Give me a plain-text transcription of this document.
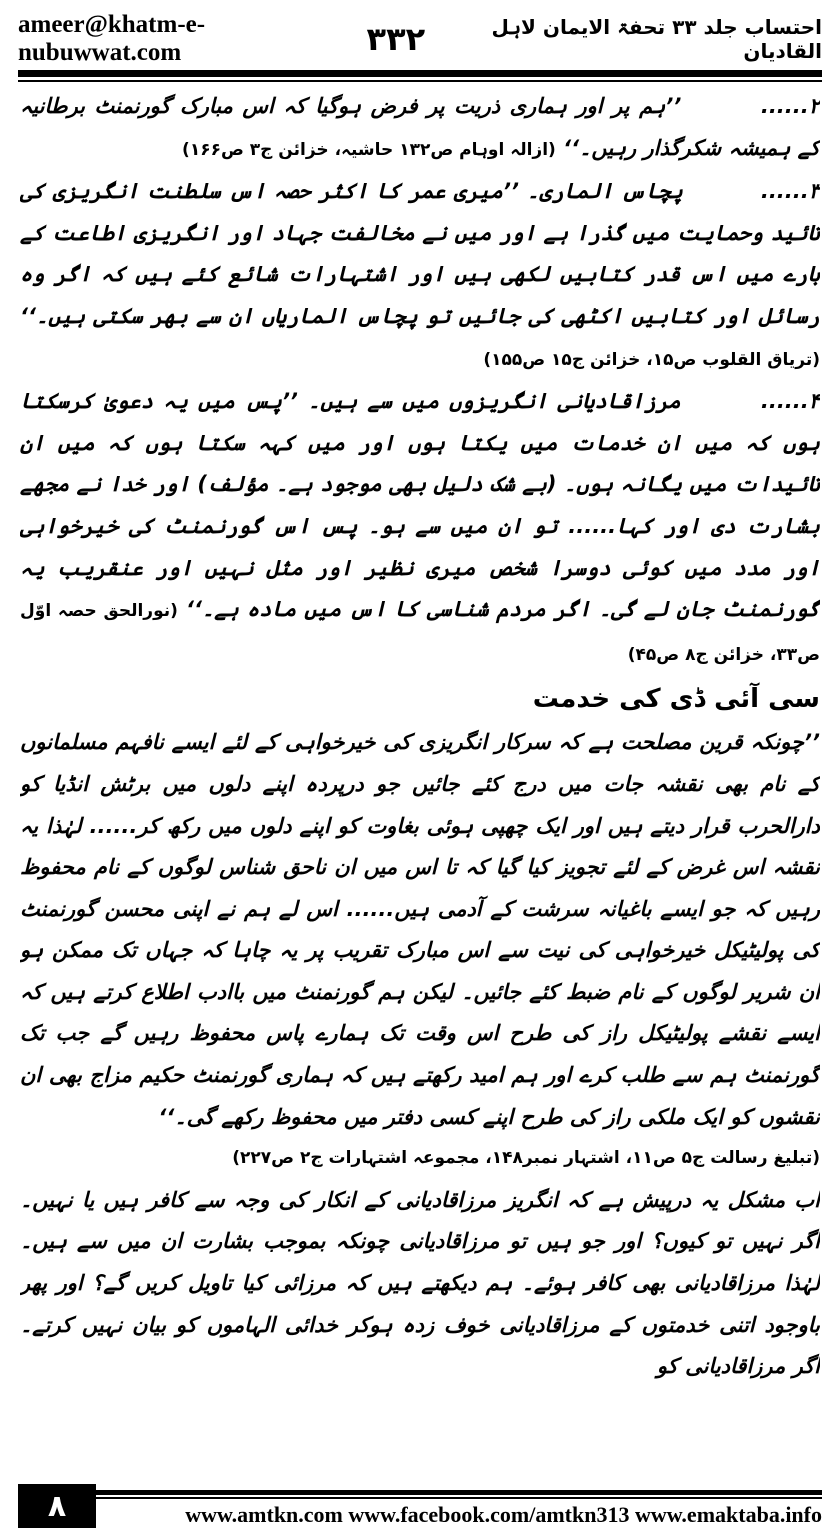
ameer@khatm-e-nubuwwat.com	۳۳۲	احتساب جلد ۳۳ تحفۃ الایمان لاہل القادیان

۲...... ’’ہم پر اور ہماری ذریت پر فرض ہوگیا کہ اس مبارک گورنمنٹ برطانیہ کے ہمیشہ شکرگذار رہیں۔‘‘ (ازالہ اوہام ص۱۳۲ حاشیہ، خزائن ج۳ ص۱۶۶)

۳...... پچاس الماری۔ ’’میری عمر کا اکثر حصہ اس سلطنت انگریزی کی تائید وحمایت میں گذرا ہے اور میں نے مخالفت جہاد اور انگریزی اطاعت کے بارے میں اس قدر کتابیں لکھی ہیں اور اشتہارات شائع کئے ہیں کہ اگر وہ رسائل اور کتابیں اکٹھی کی جائیں تو پچاس الماریاں ان سے بھر سکتی ہیں۔‘‘ (تریاق القلوب ص۱۵، خزائن ج۱۵ ص۱۵۵)

۴...... مرزاقادیانی انگریزوں میں سے ہیں۔ ’’پس میں یہ دعویٰ کرسکتا ہوں کہ میں ان خدمات میں یکتا ہوں اور میں کہہ سکتا ہوں کہ میں ان تائیدات میں یگانہ ہوں۔ (بے شک دلیل بھی موجود ہے۔ مؤلف) اور خدا نے مجھے بشارت دی اور کہا...... تو ان میں سے ہو۔ پس اس گورنمنٹ کی خیرخواہی اور مدد میں کوئی دوسرا شخص میری نظیر اور مثل نہیں اور عنقریب یہ گورنمنٹ جان لے گی۔ اگر مردم شناسی کا اس میں مادہ ہے۔‘‘ (نورالحق حصہ اوّل ص۳۳، خزائن ج۸ ص۴۵)

سی آئی ڈی کی خدمت

’’چونکہ قرین مصلحت ہے کہ سرکار انگریزی کی خیرخواہی کے لئے ایسے نافہم مسلمانوں کے نام بھی نقشہ جات میں درج کئے جائیں جو درپردہ اپنے دلوں میں برٹش انڈیا کو دارالحرب قرار دیتے ہیں اور ایک چھپی ہوئی بغاوت کو اپنے دلوں میں رکھ کر...... لہٰذا یہ نقشہ اس غرض کے لئے تجویز کیا گیا کہ تا اس میں ان ناحق شناس لوگوں کے نام محفوظ رہیں کہ جو ایسے باغیانہ سرشت کے آدمی ہیں...... اس لے ہم نے اپنی محسن گورنمنٹ کی پولیٹیکل خیرخواہی کی نیت سے اس مبارک تقریب پر یہ چاہا کہ جہاں تک ممکن ہو ان شریر لوگوں کے نام ضبط کئے جائیں۔ لیکن ہم گورنمنٹ میں باادب اطلاع کرتے ہیں کہ ایسے نقشے پولیٹیکل راز کی طرح اس وقت تک ہمارے پاس محفوظ رہیں گے جب تک گورنمنٹ ہم سے طلب کرے اور ہم امید رکھتے ہیں کہ ہماری گورنمنٹ حکیم مزاج بھی ان نقشوں کو ایک ملکی راز کی طرح اپنے کسی دفتر میں محفوظ رکھے گی۔‘‘

(تبلیغ رسالت ج۵ ص۱۱، اشتہار نمبر۱۴۸، مجموعہ اشتہارات ج۲ ص۲۲۷)

اب مشکل یہ درپیش ہے کہ انگریز مرزاقادیانی کے انکار کی وجہ سے کافر ہیں یا نہیں۔ اگر نہیں تو کیوں؟ اور جو ہیں تو مرزاقادیانی چونکہ بموجب بشارت ان میں سے ہیں۔ لہٰذا مرزاقادیانی بھی کافر ہوئے۔ ہم دیکھتے ہیں کہ مرزائی کیا تاویل کریں گے؟ اور پھر باوجود اتنی خدمتوں کے مرزاقادیانی خوف زدہ ہوکر خدائی الہاموں کو بیان نہیں کرتے۔ اگر مرزاقادیانی کو

۸	www.amtkn.com www.facebook.com/amtkn313 www.emaktaba.info
